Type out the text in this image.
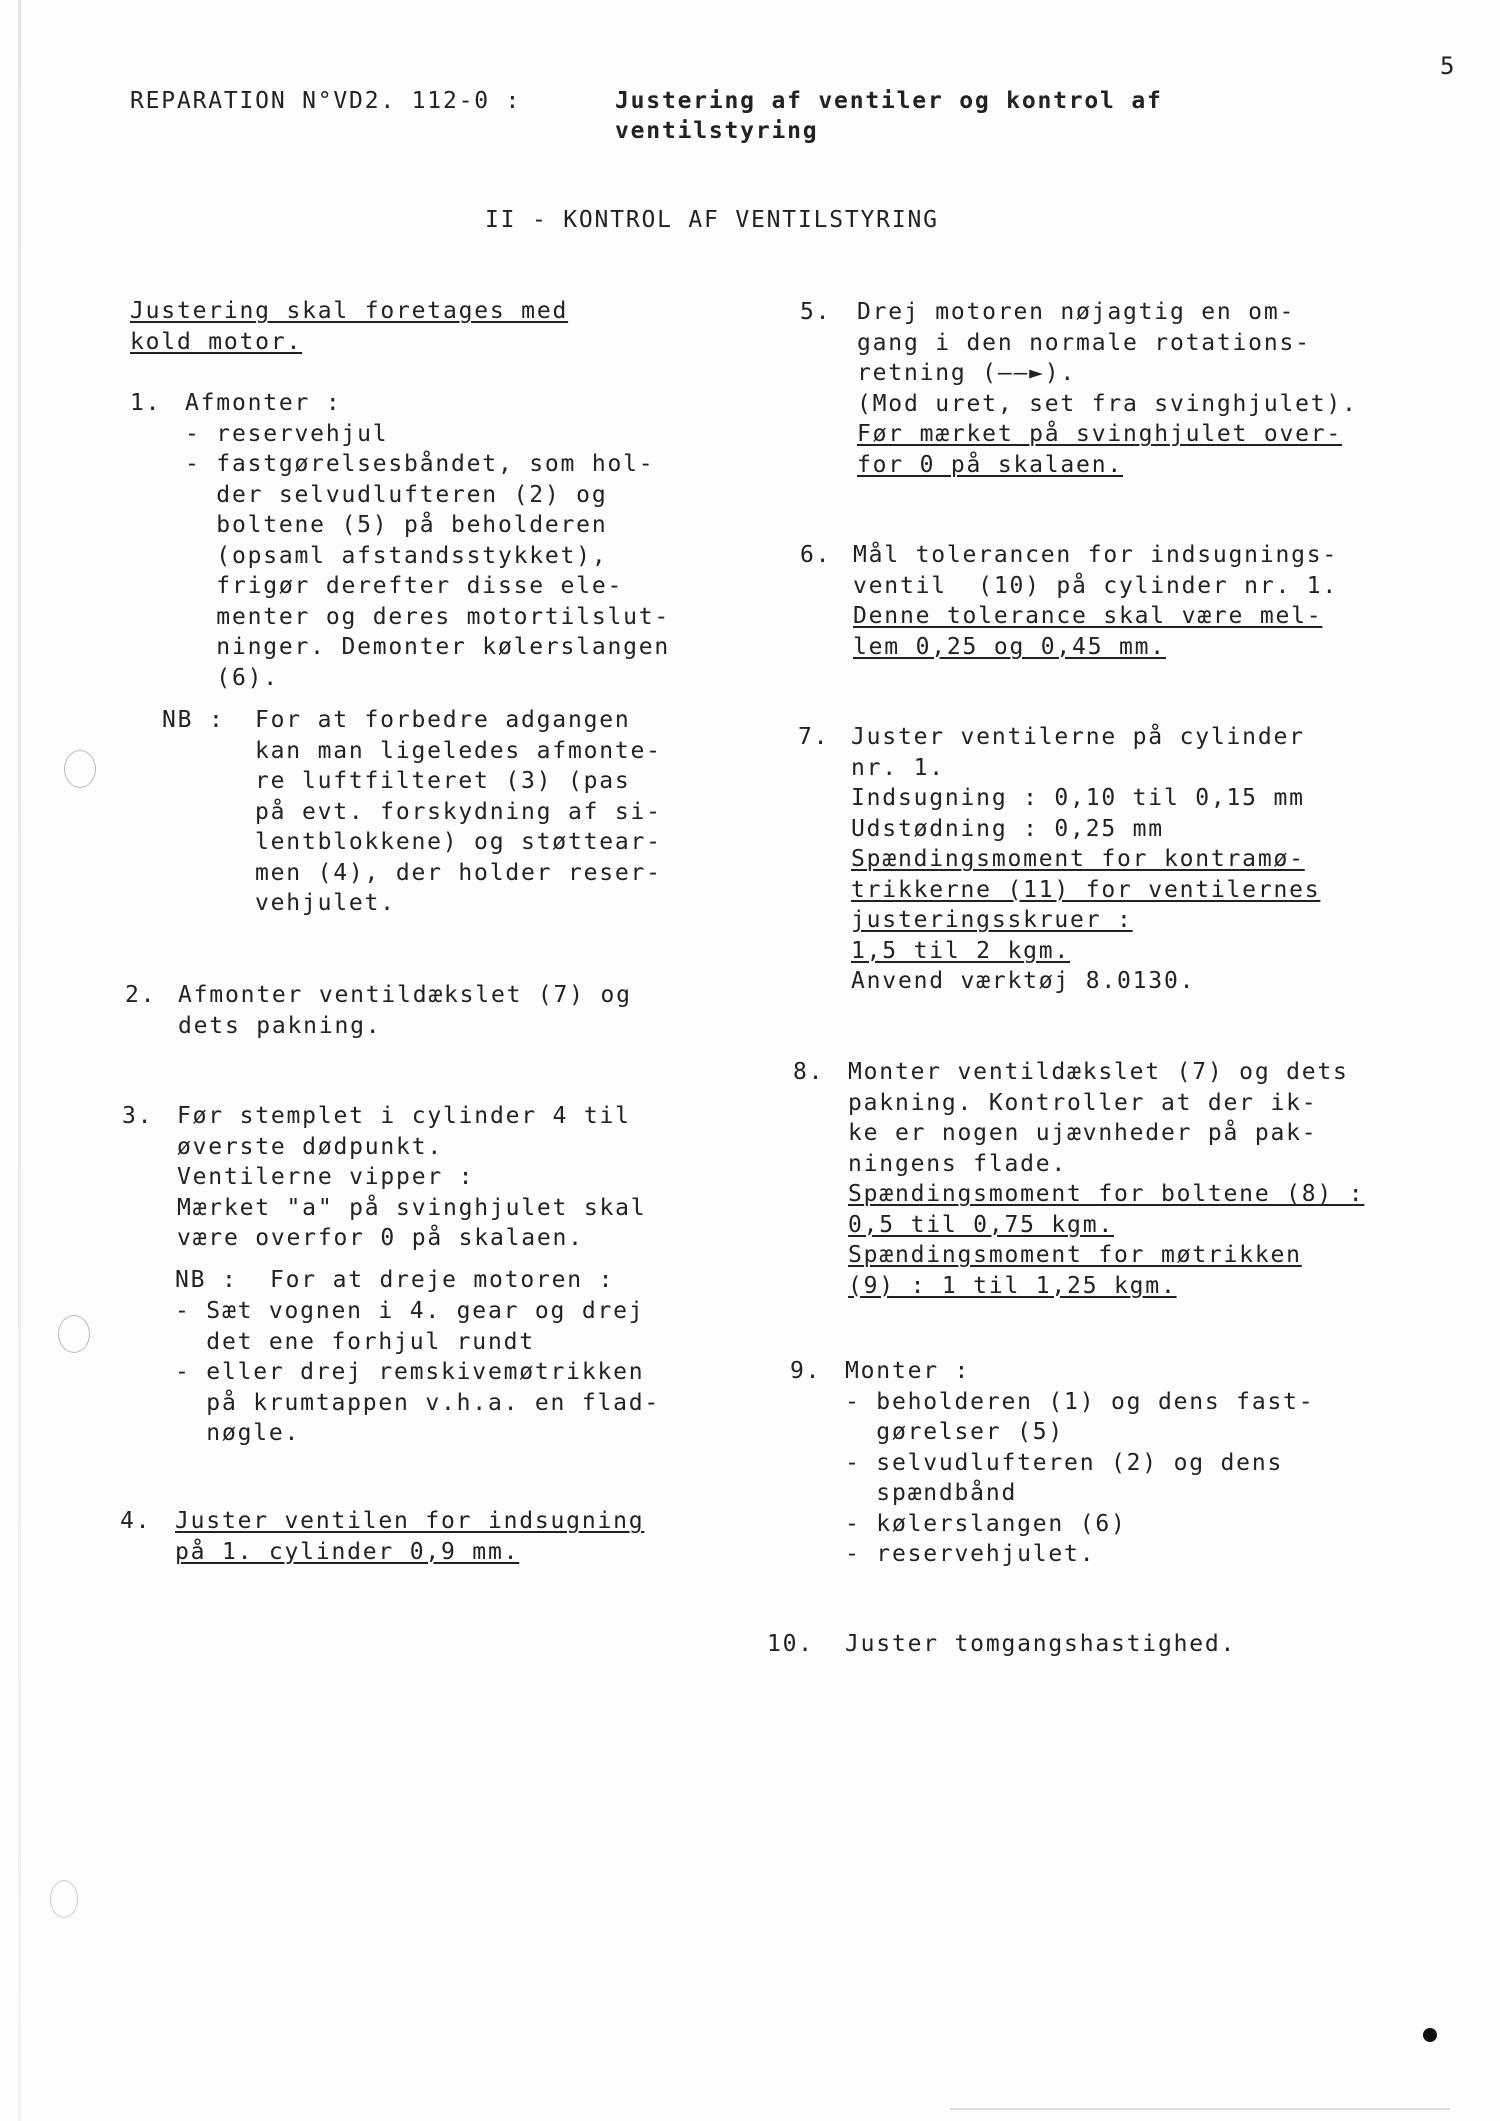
5
REPARATION N°VD2. 112-0 :	Justering af ventiler og kontrol af
ventilstyring
II - KONTROL AF VENTILSTYRING
Justering skal foretages med
kold motor.
1. Afmonter :
- reservehjul
- fastgørelsesbåndet, som hol-
der selvudlufteren (2) og
boltene (5) på beholderen
(opsaml afstandsstykket),
frigør derefter disse ele-
menter og deres motortilslut-
ninger. Demonter kølerslangen
(6).
NB : For at forbedre adgangen
kan man ligeledes afmonte-
re luftfilteret (3) (pas
på evt. forskydning af si-
lentblokkene) og støttear-
men (4), der holder reser-
vehjulet.
2. Afmonter ventildækslet (7) og
dets pakning.
3. Før stemplet i cylinder 4 til
øverste dødpunkt.
Ventilerne vipper :
Mærket "a" på svinghjulet skal
være overfor 0 på skalaen.
NB : For at dreje motoren :
- Sæt vognen i 4. gear og drej
det ene forhjul rundt
- eller drej remskivemøtrikken
på krumtappen v.h.a. en flad-
nøgle.
4. Juster ventilen for indsugning
på 1. cylinder 0,9 mm.
5. Drej motoren nøjagtig en om-
gang i den normale rotations-
retning (——►).
(Mod uret, set fra svinghjulet).
Før mærket på svinghjulet over-
for 0 på skalaen.
6. Mål tolerancen for indsugnings-
ventil  (10) på cylinder nr. 1.
Denne tolerance skal være mel-
lem 0,25 og 0,45 mm.
7. Juster ventilerne på cylinder
nr. 1.
Indsugning : 0,10 til 0,15 mm
Udstødning : 0,25 mm
Spændingsmoment for kontramø-
trikkerne (11) for ventilernes
justeringsskruer :
1,5 til 2 kgm.
Anvend værktøj 8.0130.
8. Monter ventildækslet (7) og dets
pakning. Kontroller at der ik-
ke er nogen ujævnheder på pak-
ningens flade.
Spændingsmoment for boltene (8) :
0,5 til 0,75 kgm.
Spændingsmoment for møtrikken
(9) : 1 til 1,25 kgm.
9. Monter :
- beholderen (1) og dens fast-
gørelser (5)
- selvudlufteren (2) og dens
spændbånd
- kølerslangen (6)
- reservehjulet.
10. Juster tomgangshastighed.
